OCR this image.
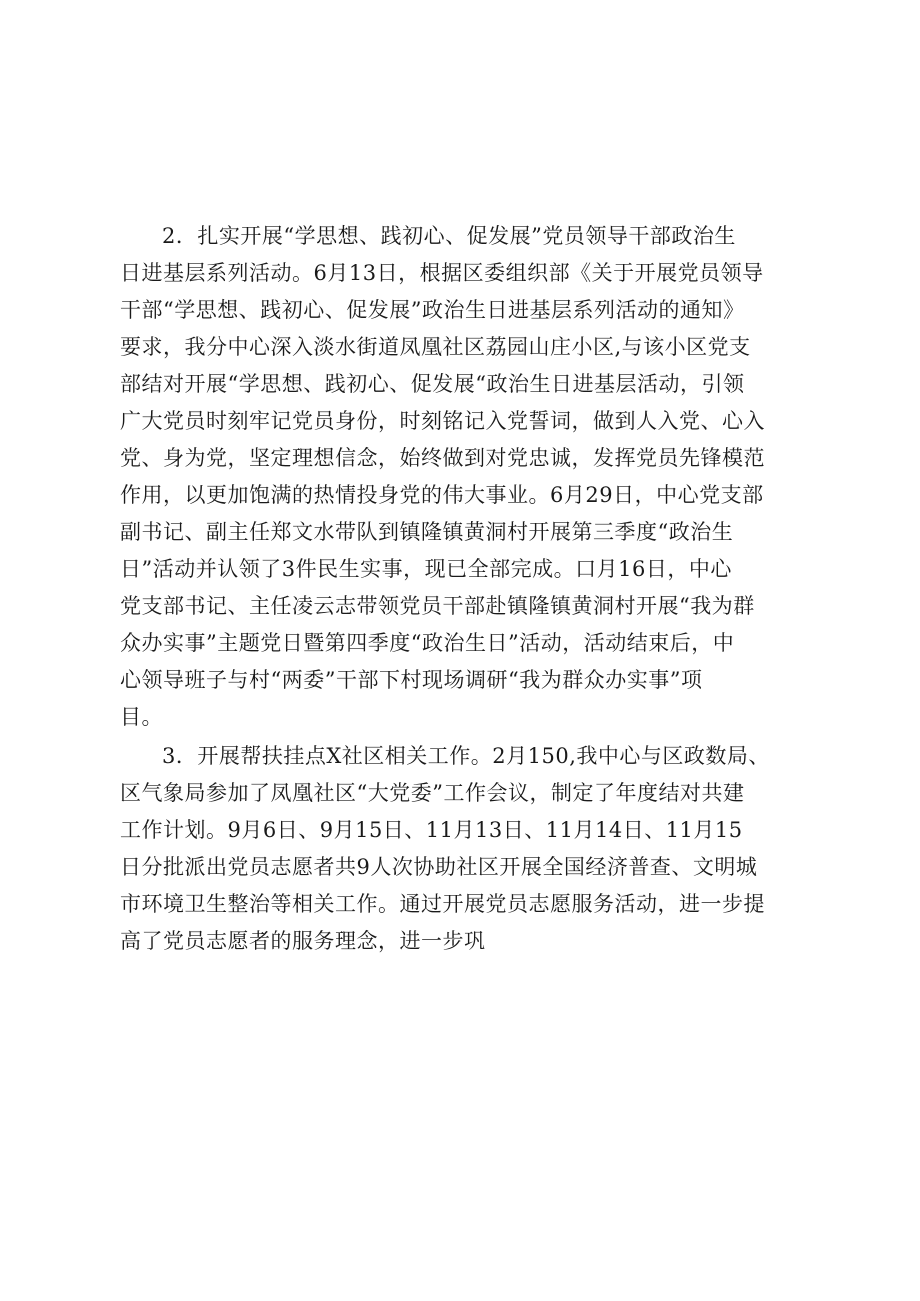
2．扎实开展“学思想、践初心、促发展”党员领导干部政治生
日进基层系列活动。6月13日，根据区委组织部《关于开展党员领导
干部“学思想、践初心、促发展”政治生日进基层系列活动的通知》
要求，我分中心深入淡水街道凤凰社区荔园山庄小区,与该小区党支
部结对开展“学思想、践初心、促发展“政治生日进基层活动，引领
广大党员时刻牢记党员身份，时刻铭记入党誓词，做到人入党、心入
党、身为党，坚定理想信念，始终做到对党忠诚，发挥党员先锋模范
作用，以更加饱满的热情投身党的伟大事业。6月29日，中心党支部
副书记、副主任郑文水带队到镇隆镇黄洞村开展第三季度“政治生
日”活动并认领了3件民生实事，现已全部完成。口月16日，中心
党支部书记、主任凌云志带领党员干部赴镇隆镇黄洞村开展“我为群
众办实事”主题党日暨第四季度“政治生日”活动，活动结束后，中
心领导班子与村“两委”干部下村现场调研“我为群众办实事”项
目。
3．开展帮扶挂点X社区相关工作。2月150,我中心与区政数局、
区气象局参加了凤凰社区“大党委”工作会议，制定了年度结对共建
工作计划。9月6日、9月15日、11月13日、11月14日、11月15
日分批派出党员志愿者共9人次协助社区开展全国经济普查、文明城
市环境卫生整治等相关工作。通过开展党员志愿服务活动，进一步提
高了党员志愿者的服务理念，进一步巩
